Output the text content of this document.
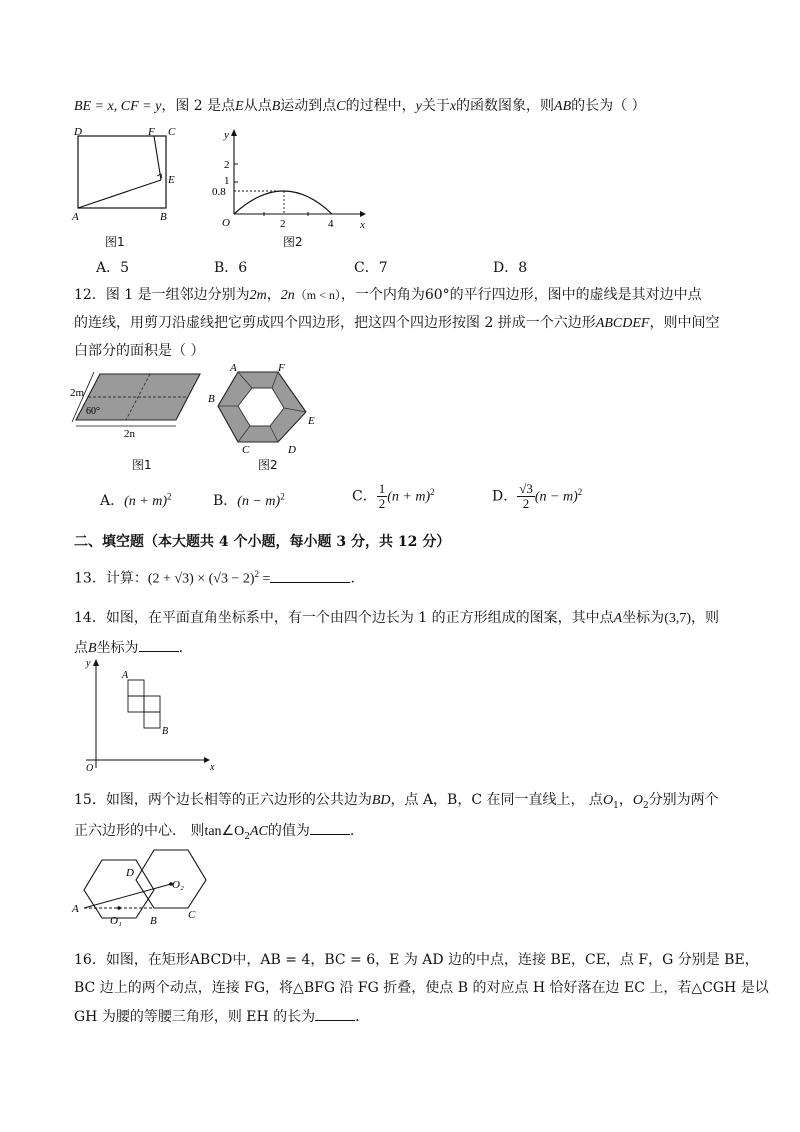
BE = x, CF = y，图 2 是点E从点B运动到点C的过程中，y关于x的函数图象，则AB的长为（ ）
D	F C
E
A	B
图1
y
x
O
2
1
0.8
2	4
图2
A．5	B．6	C．7	D．8
12．图 1 是一组邻边分别为2m，2n（m < n），一个内角为60°的平行四边形，图中的虚线是其对边中点
的连线，用剪刀沿虚线把它剪成四个四边形，把这四个四边形按图 2 拼成一个六边形ABCDEF，则中间空
白部分的面积是（ ）
2m
60°
2n
图1
A	F
B
E
C	D
图2
A．$(n + m)^2$	B．$(n - m)^2$	C． $\frac{1}{2} (n + m)^2$	D． $\frac{√3}{2} (n - m)^2$
二、填空题（本大题共 4 个小题，每小题 3 分，共 12 分）
13．计算：$(2 + √3) \times (√3 - 2)^2$ =	.
14．如图，在平面直角坐标系中，有一个由四个边长为 1 的正方形组成的图案，其中点A坐标为(3,7)，则
点B坐标为	.
y
x
O
A
B
15．如图，两个边长相等的正六边形的公共边为BD，点 A，B，C 在同一直线上， 点$O_1$，$O_2$分别为两个
正六边形的中心． 则$\tan\angle O_2AC$的值为	.
D
O₂
A
O₁	B	C
16．如图，在矩形ABCD中，AB = 4，BC = 6，E 为 AD 边的中点，连接 BE，CE，点 F，G 分别是 BE，
BC 边上的两个动点，连接 FG，将△BFG 沿 FG 折叠，使点 B 的对应点 H 恰好落在边 EC 上，若△CGH 是以
GH 为腰的等腰三角形，则 EH 的长为	.
